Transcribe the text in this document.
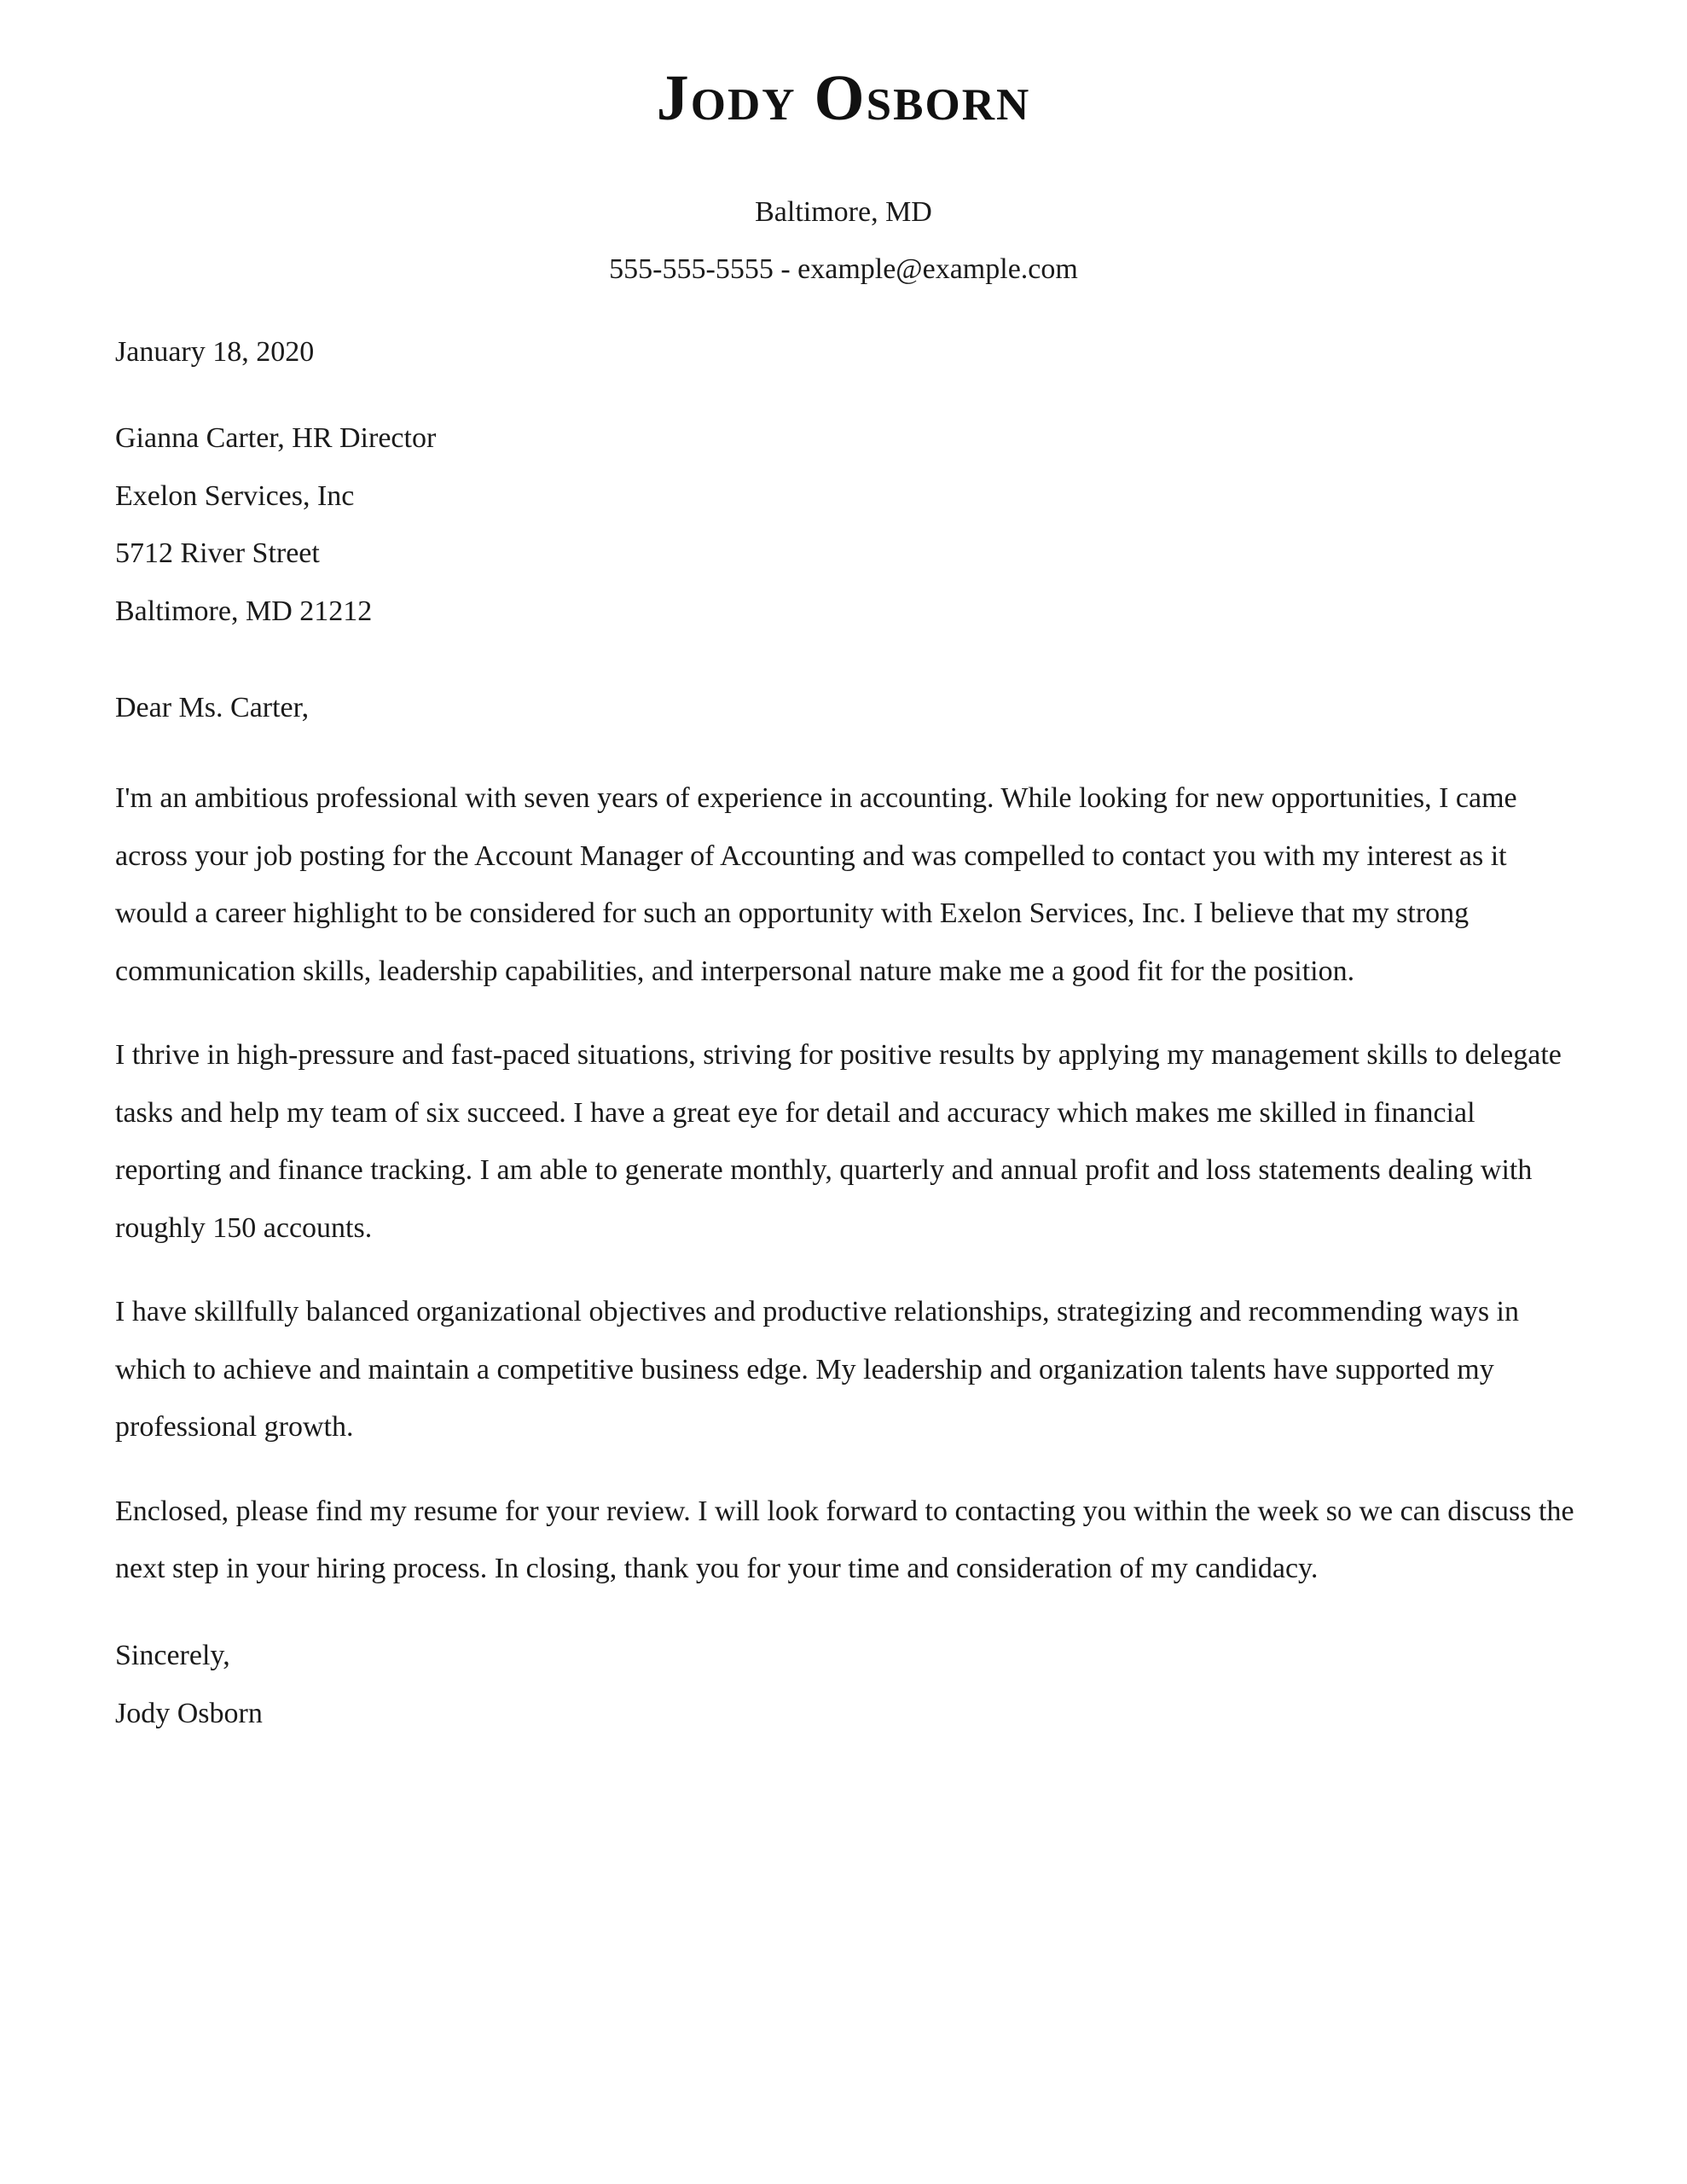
Jody Osborn
Baltimore, MD
555-555-5555 - example@example.com
January 18, 2020
Gianna Carter, HR Director
Exelon Services, Inc
5712 River Street
Baltimore, MD 21212
Dear Ms. Carter,

I'm an ambitious professional with seven years of experience in accounting. While looking for new opportunities, I came across your job posting for the Account Manager of Accounting and was compelled to contact you with my interest as it would a career highlight to be considered for such an opportunity with Exelon Services, Inc. I believe that my strong communication skills, leadership capabilities, and interpersonal nature make me a good fit for the position.

I thrive in high-pressure and fast-paced situations, striving for positive results by applying my management skills to delegate tasks and help my team of six succeed. I have a great eye for detail and accuracy which makes me skilled in financial reporting and finance tracking. I am able to generate monthly, quarterly and annual profit and loss statements dealing with roughly 150 accounts.

I have skillfully balanced organizational objectives and productive relationships, strategizing and recommending ways in which to achieve and maintain a competitive business edge. My leadership and organization talents have supported my professional growth.

Enclosed, please find my resume for your review. I will look forward to contacting you within the week so we can discuss the next step in your hiring process. In closing, thank you for your time and consideration of my candidacy.

Sincerely,
Jody Osborn
